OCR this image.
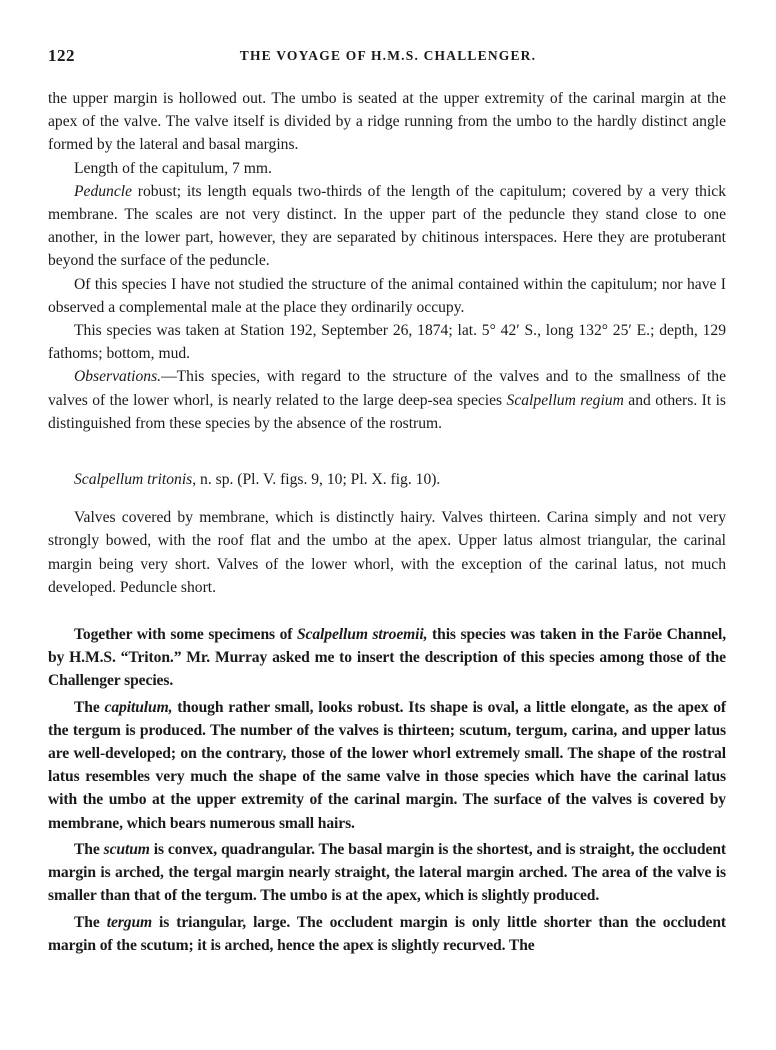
122	THE VOYAGE OF H.M.S. CHALLENGER.

the upper margin is hollowed out. The umbo is seated at the upper extremity of the carinal margin at the apex of the valve. The valve itself is divided by a ridge running from the umbo to the hardly distinct angle formed by the lateral and basal margins.

Length of the capitulum, 7 mm.

Peduncle robust; its length equals two-thirds of the length of the capitulum; covered by a very thick membrane. The scales are not very distinct. In the upper part of the peduncle they stand close to one another, in the lower part, however, they are separated by chitinous interspaces. Here they are protuberant beyond the surface of the peduncle.

Of this species I have not studied the structure of the animal contained within the capitulum; nor have I observed a complemental male at the place they ordinarily occupy.

This species was taken at Station 192, September 26, 1874; lat. 5° 42′ S., long 132° 25′ E.; depth, 129 fathoms; bottom, mud.

Observations.—This species, with regard to the structure of the valves and to the smallness of the valves of the lower whorl, is nearly related to the large deep-sea species Scalpellum regium and others. It is distinguished from these species by the absence of the rostrum.

Scalpellum tritonis, n. sp. (Pl. V. figs. 9, 10; Pl. X. fig. 10).

Valves covered by membrane, which is distinctly hairy. Valves thirteen. Carina simply and not very strongly bowed, with the roof flat and the umbo at the apex. Upper latus almost triangular, the carinal margin being very short. Valves of the lower whorl, with the exception of the carinal latus, not much developed. Peduncle short.

Together with some specimens of Scalpellum stroemii, this species was taken in the Faröe Channel, by H.M.S. “Triton.” Mr. Murray asked me to insert the description of this species among those of the Challenger species.

The capitulum, though rather small, looks robust. Its shape is oval, a little elongate, as the apex of the tergum is produced. The number of the valves is thirteen; scutum, tergum, carina, and upper latus are well-developed; on the contrary, those of the lower whorl extremely small. The shape of the rostral latus resembles very much the shape of the same valve in those species which have the carinal latus with the umbo at the upper extremity of the carinal margin. The surface of the valves is covered by membrane, which bears numerous small hairs.

The scutum is convex, quadrangular. The basal margin is the shortest, and is straight, the occludent margin is arched, the tergal margin nearly straight, the lateral margin arched. The area of the valve is smaller than that of the tergum. The umbo is at the apex, which is slightly produced.

The tergum is triangular, large. The occludent margin is only little shorter than the occludent margin of the scutum; it is arched, hence the apex is slightly recurved. The
